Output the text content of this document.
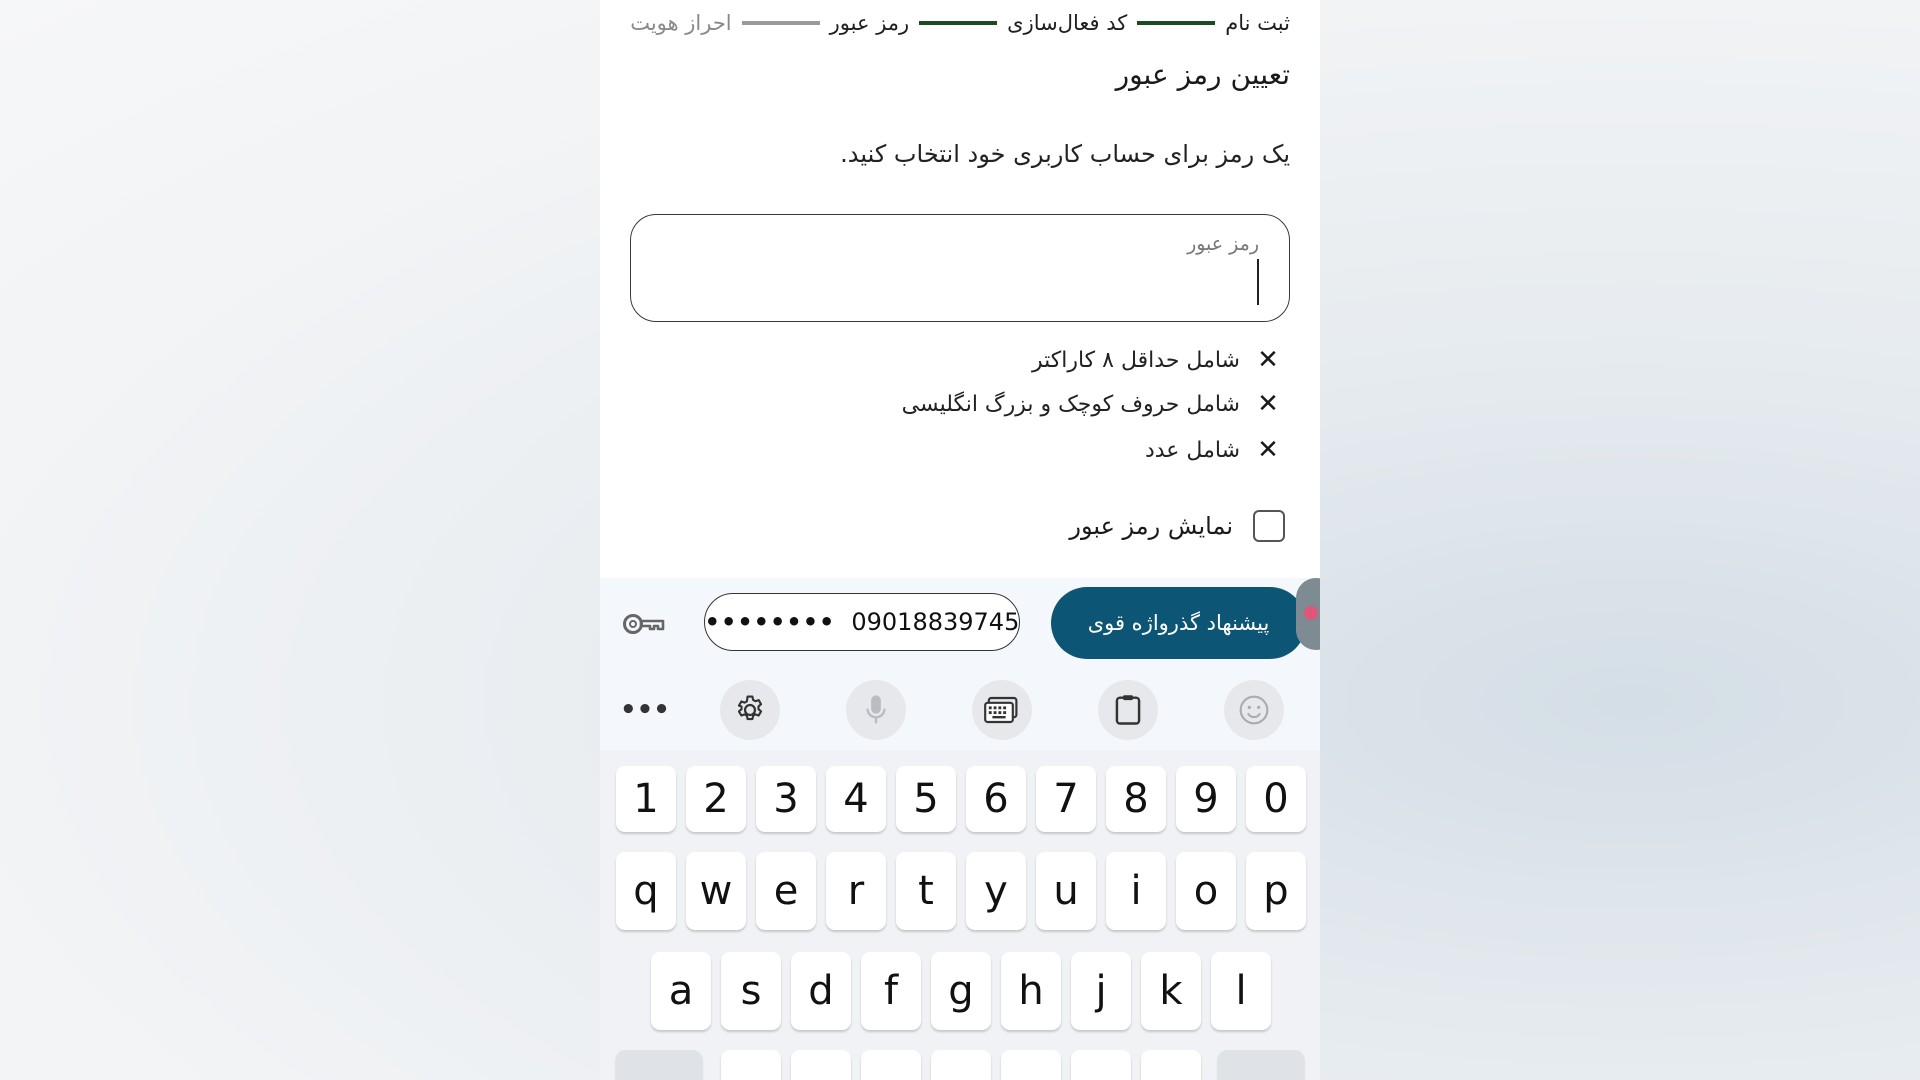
ثبت نام
کد فعال‌سازی
رمز عبور
احراز هویت
تعیین رمز عبور
یک رمز برای حساب کاربری خود انتخاب کنید.
رمز عبور
✕
شامل حداقل ۸ کاراکتر
✕
شامل حروف کوچک و بزرگ انگلیسی
✕
شامل عدد
نمایش رمز عبور
•••••••• 09018839745	پیشنهاد گذرواژه قوی
•••
1	2	3	4	5	6	7	8	9	0
q	w	e	r	t	y	u	i	o	p
a	s	d	f	g	h	j	k	l
